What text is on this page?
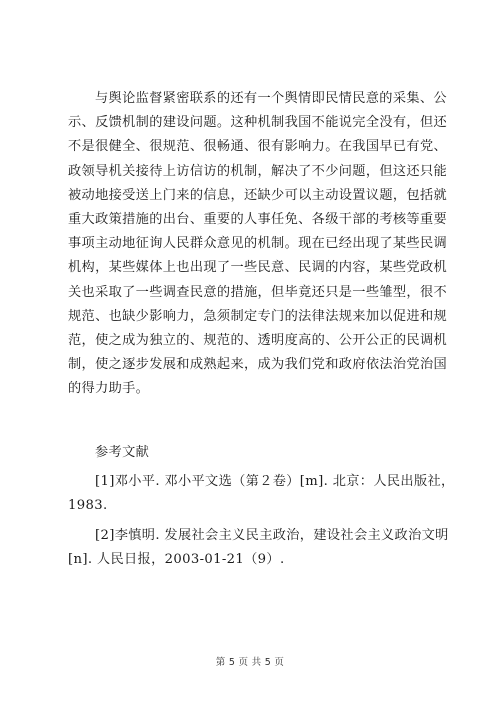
与舆论监督紧密联系的还有一个舆情即民情民意的采集、公
示、反馈机制的建设问题。这种机制我国不能说完全没有，但还
不是很健全、很规范、很畅通、很有影响力。在我国早已有党、
政领导机关接待上访信访的机制，解决了不少问题，但这还只能
被动地接受送上门来的信息，还缺少可以主动设置议题，包括就
重大政策措施的出台、重要的人事任免、各级干部的考核等重要
事项主动地征询人民群众意见的机制。现在已经出现了某些民调
机构，某些媒体上也出现了一些民意、民调的内容，某些党政机
关也采取了一些调查民意的措施，但毕竟还只是一些雏型，很不
规范、也缺少影响力，急须制定专门的法律法规来加以促进和规
范，使之成为独立的、规范的、透明度高的、公开公正的民调机
制，使之逐步发展和成熟起来，成为我们党和政府依法治党治国
的得力助手。
参考文献
[1]邓小平. 邓小平文选（第２卷）[m]. 北京：人民出版社，
1983.
[2]李慎明. 发展社会主义民主政治，建设社会主义政治文明
[n]. 人民日报，2003-01-21（9）.
第 5 页 共 5 页
